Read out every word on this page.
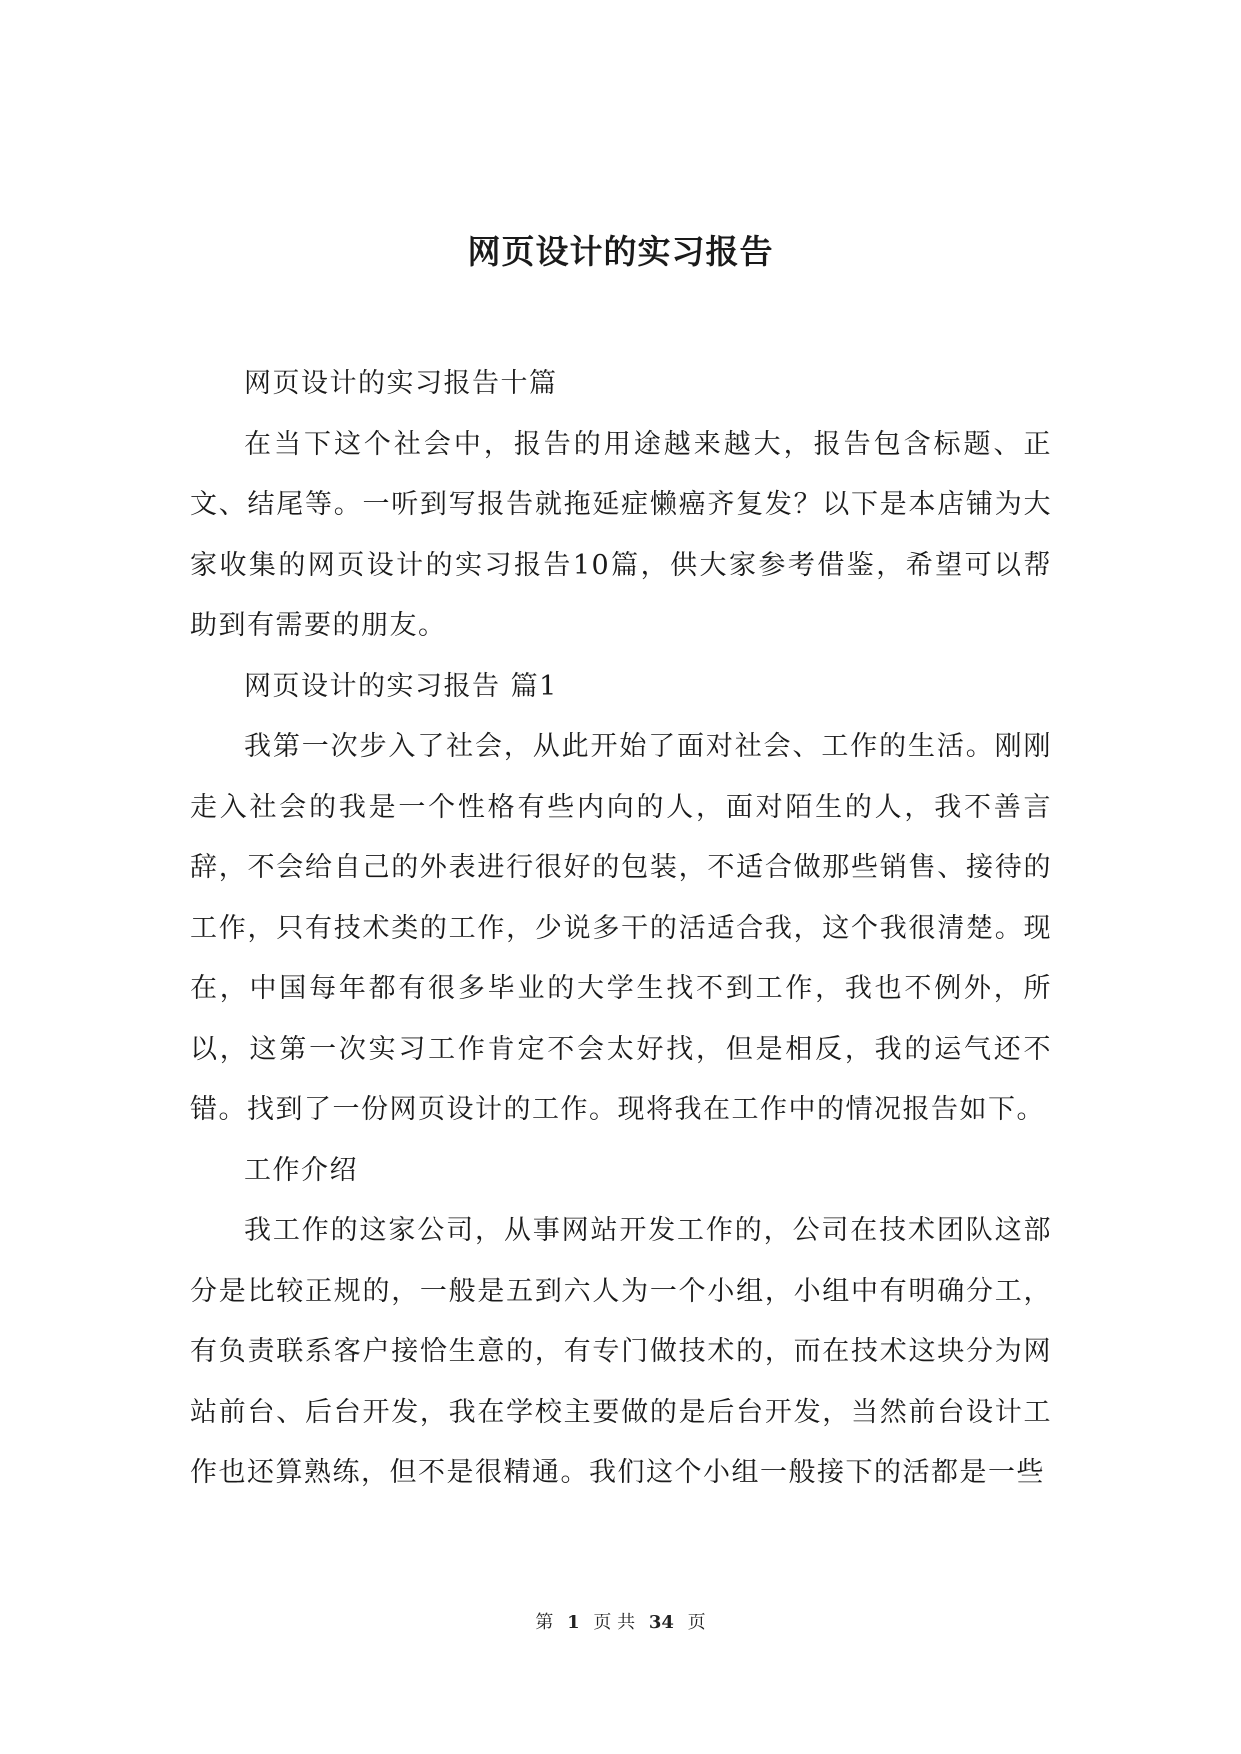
网页设计的实习报告

网页设计的实习报告十篇

在当下这个社会中，报告的用途越来越大，报告包含标题、正文、结尾等。一听到写报告就拖延症懒癌齐复发？以下是本店铺为大家收集的网页设计的实习报告10篇，供大家参考借鉴，希望可以帮助到有需要的朋友。

网页设计的实习报告 篇1

我第一次步入了社会，从此开始了面对社会、工作的生活。刚刚走入社会的我是一个性格有些内向的人，面对陌生的人，我不善言辞，不会给自己的外表进行很好的包装，不适合做那些销售、接待的工作，只有技术类的工作，少说多干的活适合我，这个我很清楚。现在，中国每年都有很多毕业的大学生找不到工作，我也不例外，所以，这第一次实习工作肯定不会太好找，但是相反，我的运气还不错。找到了一份网页设计的工作。现将我在工作中的情况报告如下。

工作介绍

我工作的这家公司，从事网站开发工作的，公司在技术团队这部分是比较正规的，一般是五到六人为一个小组，小组中有明确分工，有负责联系客户接恰生意的，有专门做技术的，而在技术这块分为网站前台、后台开发，我在学校主要做的是后台开发，当然前台设计工作也还算熟练，但不是很精通。我们这个小组一般接下的活都是一些

第 1 页 共 34 页
